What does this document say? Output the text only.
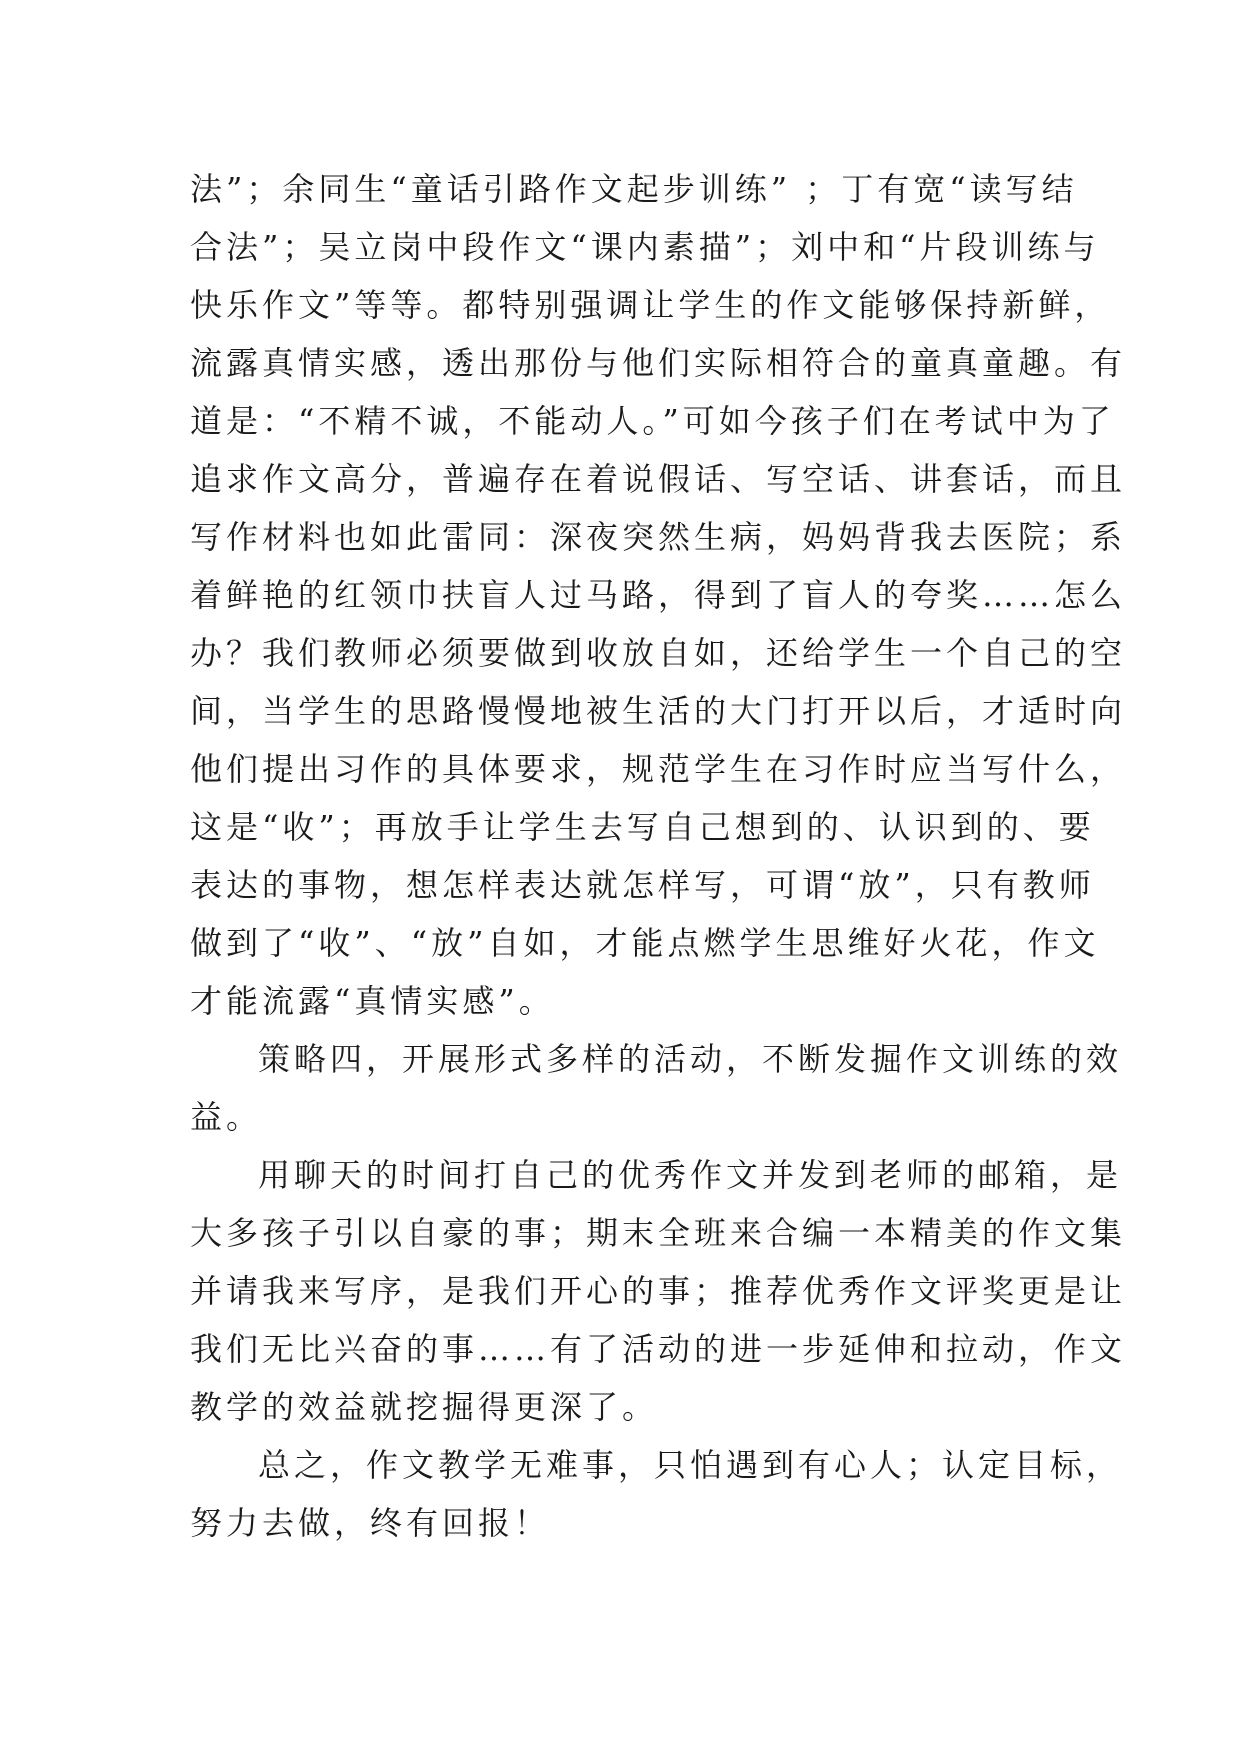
法”；余同生“童话引路作文起步训练” ；丁有宽“读写结
合法”；吴立岗中段作文“课内素描”；刘中和“片段训练与
快乐作文”等等。都特别强调让学生的作文能够保持新鲜，
流露真情实感，透出那份与他们实际相符合的童真童趣。有
道是：“不精不诚，不能动人。”可如今孩子们在考试中为了
追求作文高分，普遍存在着说假话、写空话、讲套话，而且
写作材料也如此雷同：深夜突然生病，妈妈背我去医院；系
着鲜艳的红领巾扶盲人过马路，得到了盲人的夸奖……怎么
办？我们教师必须要做到收放自如，还给学生一个自己的空
间，当学生的思路慢慢地被生活的大门打开以后，才适时向
他们提出习作的具体要求，规范学生在习作时应当写什么，
这是“收”；再放手让学生去写自己想到的、认识到的、要
表达的事物，想怎样表达就怎样写，可谓“放”，只有教师
做到了“收”、“放”自如，才能点燃学生思维好火花，作文
才能流露“真情实感”。
策略四，开展形式多样的活动，不断发掘作文训练的效
益。
用聊天的时间打自己的优秀作文并发到老师的邮箱，是
大多孩子引以自豪的事；期末全班来合编一本精美的作文集
并请我来写序，是我们开心的事；推荐优秀作文评奖更是让
我们无比兴奋的事……有了活动的进一步延伸和拉动，作文
教学的效益就挖掘得更深了。
总之，作文教学无难事，只怕遇到有心人；认定目标，
努力去做，终有回报！
